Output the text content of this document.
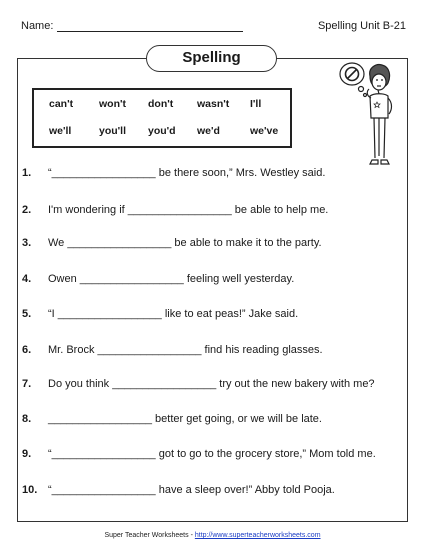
Name:	Spelling Unit B-21
Spelling
can't won't don't wasn't I'll
we'll	you'll you'd we'd	we've
1. “_________________ be there soon,” Mrs. Westley said.
2. I'm wondering if _________________ be able to help me.
3. We _________________ be able to make it to the party.
4. Owen _________________ feeling well yesterday.
5. “I _________________ like to eat peas!” Jake said.
6. Mr. Brock _________________ find his reading glasses.
7. Do you think _________________ try out the new bakery with me?
8. _________________ better get going, or we will be late.
9. “_________________ got to go to the grocery store,” Mom told me.
10. “_________________ have a sleep over!” Abby told Pooja.
Super Teacher Worksheets - http://www.superteacherworksheets.com
